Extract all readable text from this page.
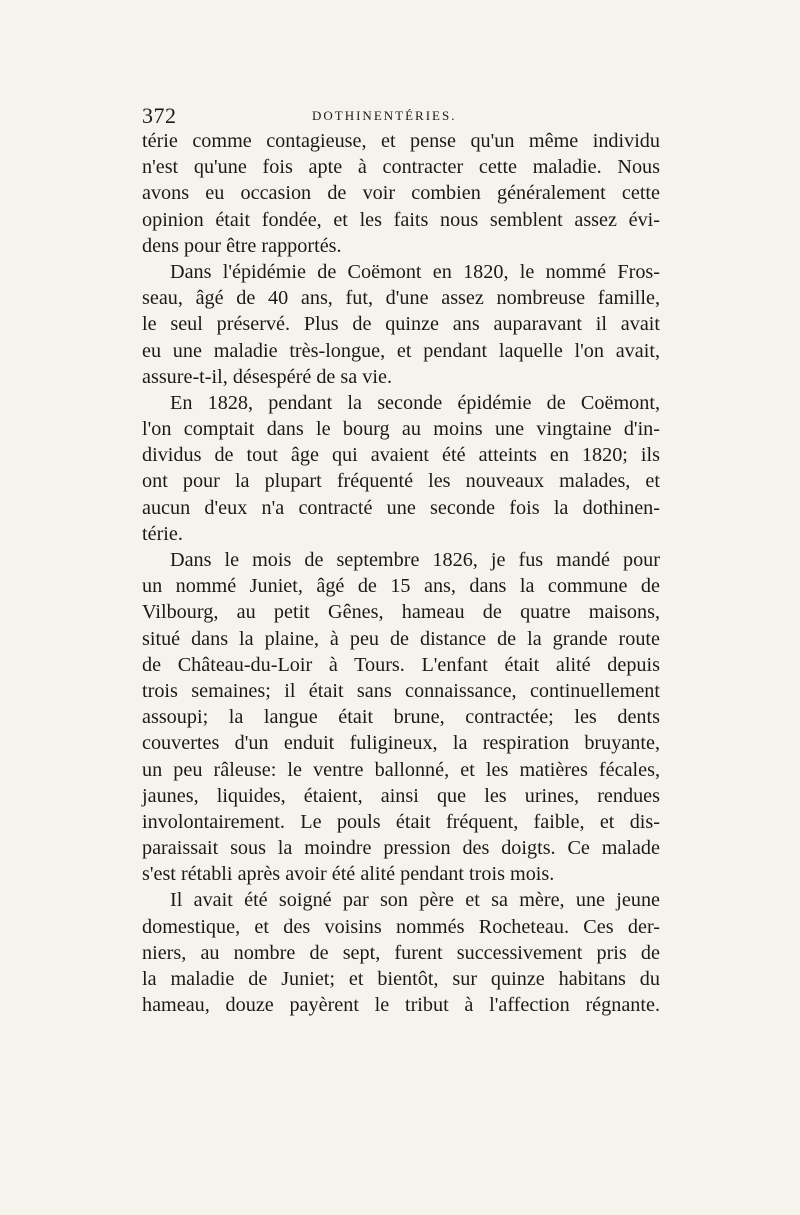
372	DOTHINENTÉRIES.
térie comme contagieuse, et pense qu'un même individu
n'est qu'une fois apte à contracter cette maladie. Nous
avons eu occasion de voir combien généralement cette
opinion était fondée, et les faits nous semblent assez évi-
dens pour être rapportés.
Dans l'épidémie de Coëmont en 1820, le nommé Fros-
seau, âgé de 40 ans, fut, d'une assez nombreuse famille,
le seul préservé. Plus de quinze ans auparavant il avait
eu une maladie très-longue, et pendant laquelle l'on avait,
assure-t-il, désespéré de sa vie.
En 1828, pendant la seconde épidémie de Coëmont,
l'on comptait dans le bourg au moins une vingtaine d'in-
dividus de tout âge qui avaient été atteints en 1820; ils
ont pour la plupart fréquenté les nouveaux malades, et
aucun d'eux n'a contracté une seconde fois la dothinen-
térie.
Dans le mois de septembre 1826, je fus mandé pour
un nommé Juniet, âgé de 15 ans, dans la commune de
Vilbourg, au petit Gênes, hameau de quatre maisons,
situé dans la plaine, à peu de distance de la grande route
de Château-du-Loir à Tours. L'enfant était alité depuis
trois semaines; il était sans connaissance, continuellement
assoupi; la langue était brune, contractée; les dents
couvertes d'un enduit fuligineux, la respiration bruyante,
un peu râleuse: le ventre ballonné, et les matières fécales,
jaunes, liquides, étaient, ainsi que les urines, rendues
involontairement. Le pouls était fréquent, faible, et dis-
paraissait sous la moindre pression des doigts. Ce malade
s'est rétabli après avoir été alité pendant trois mois.
Il avait été soigné par son père et sa mère, une jeune
domestique, et des voisins nommés Rocheteau. Ces der-
niers, au nombre de sept, furent successivement pris de
la maladie de Juniet; et bientôt, sur quinze habitans du
hameau, douze payèrent le tribut à l'affection régnante.
